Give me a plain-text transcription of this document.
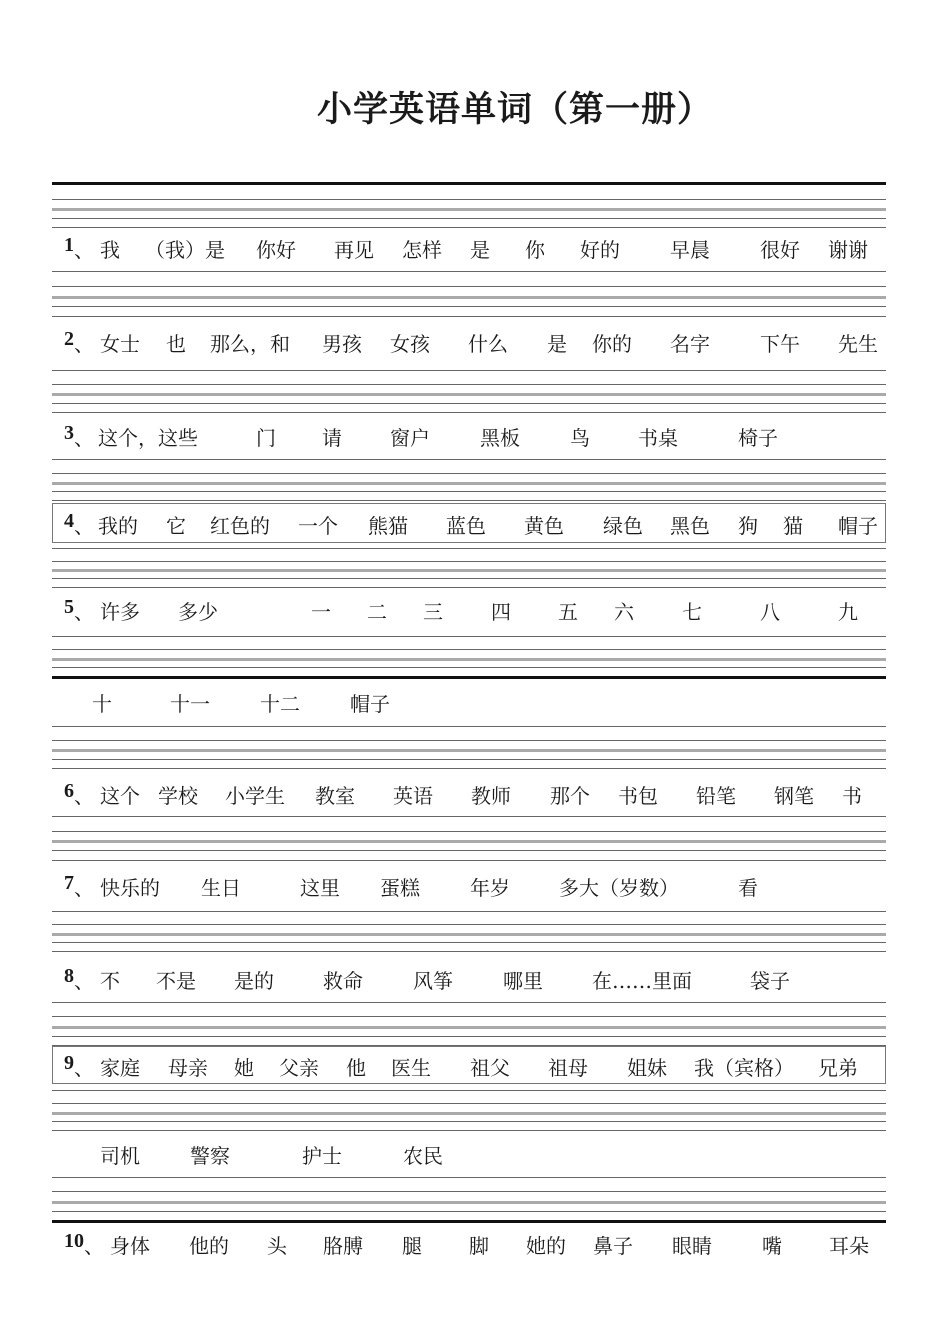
小学英语单词（第一册）
1 、 我 （我）是 你好 再见 怎样 是 你 好的	早晨	很好 谢谢
2 、 女士 也 那么，和 男孩 女孩 什么 是 你的 名字	下午 先生
3 、 这个，这些	门 请 窗户	黑板	鸟 书桌	椅子
4 、 我的 它 红色的 一个 熊猫 蓝色 黄色 绿色 黑色 狗 猫 帽子
5 、 许多 多少	一 二 三 四 五 六 七	八	九
十	十一	十二	帽子
6 、 这个 学校 小学生 教室 英语 教师 那个 书包 铅笔 钢笔 书
7 、 快乐的 生日	这里 蛋糕	年岁 多大（岁数）	看
8 、 不 不是 是的 救命	风筝	哪里 在……里面	袋子
9 、 家庭 母亲 她 父亲 他 医生 祖父 祖母 姐妹 我（宾格） 兄弟
司机	警察	护士	农民
10 、 身体 他的 头 胳膊 腿 脚 她的 鼻子 眼睛	嘴 耳朵
